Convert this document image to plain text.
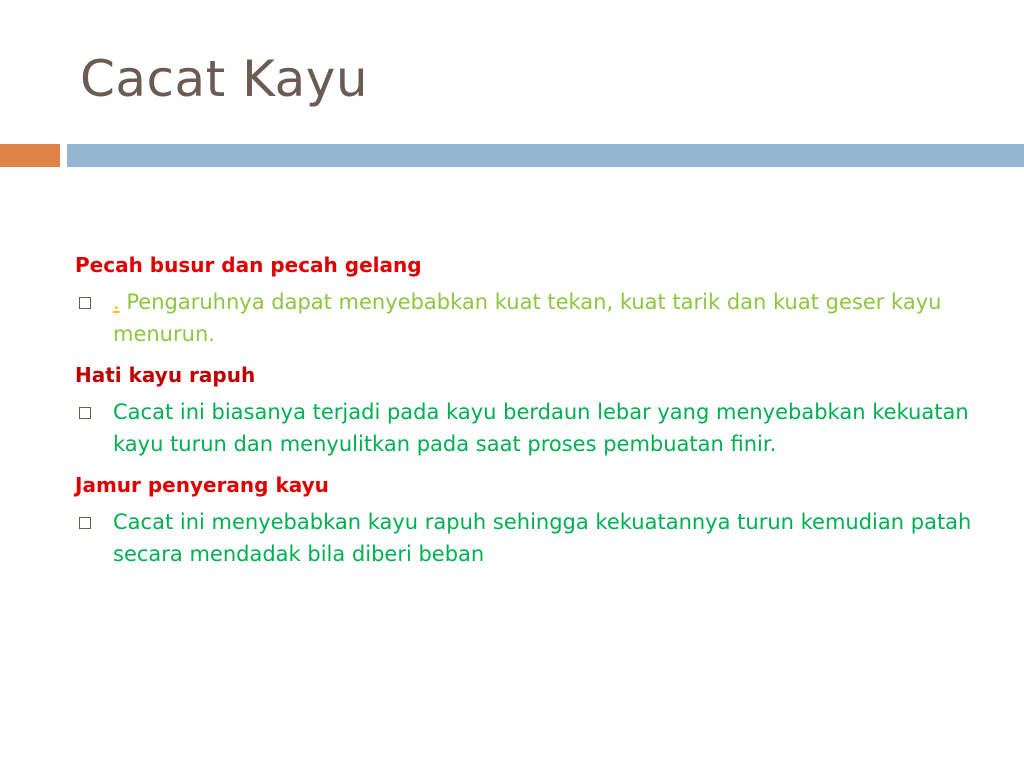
Cacat Kayu
Pecah busur dan pecah gelang
. Pengaruhnya dapat menyebabkan kuat tekan, kuat tarik dan kuat geser kayu menurun.
Hati kayu rapuh
Cacat ini biasanya terjadi pada kayu berdaun lebar yang menyebabkan kekuatan kayu turun dan menyulitkan pada saat proses pembuatan finir.
Jamur penyerang kayu
Cacat ini menyebabkan kayu rapuh sehingga kekuatannya turun kemudian patah secara mendadak bila diberi beban
